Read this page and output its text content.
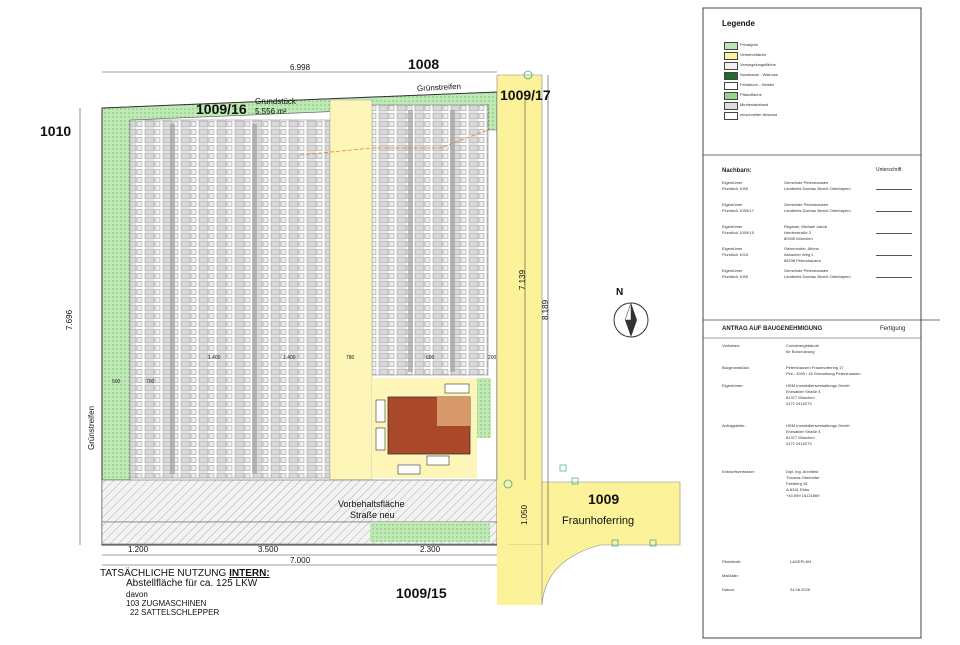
1009/16 Grundstück
5.556 m²
1008
1009/17
1010
1009
Fraunhoferring
1009/15
Grünstreifen
Grünstreifen
Vorbehaltsfläche
Straße neu
N
6.998
7.696
7.139
8.189
1.200	3.500	2.300
7.000
1.050
1.400	1.400	780	600	200
500	700
TATSÄCHLICHE NUTZUNG INTERN:
Abstellfläche für ca. 125 LKW
davon
103 ZUGMASCHINEN
22 SATTELSCHLEPPER
Legende
Privatgrün
Verkehrsfläche
Versiegelungsfläche
Nussbaum - Walnuss
Feldahorn - Heister
Pflanzfläche
Mindestabstand
einschneiter Abstand
Nachbarn:	Unterschrift
Eigentümer
Flurstück 1009
Gemeinde Petershausen
Landkreis Dachau Bezirk Oberbayern
Eigentümer
Flurstück 1009/17
Gemeinde Petershausen
Landkreis Dachau Bezirk Oberbayern
Eigentümer
Flurstück 1009/15
Regauer, Michael Jakob
Herderstraße 3
80935 München
Eigentümer
Flurstück 1010
Geisenhofer, Alfons
Asbacher Weg 1
85238 Petershausen
Eigentümer
Flurstück 1009
Gemeinde Petershausen
Landkreis Dachau Bezirk Oberbayern
ANTRAG AUF BAUGENEHMIGUNG	Fertigung
Vorhaben:	Containergebäude
für Büronutzung
Baugrundstück:	Petershausen Fraunhoferring 17
Flnr.: 1009 / 16 Gemarkung Petershausen
Eigentümer:	HDM Immobilienverwaltungs GmbH
Ehrwalder Straße 4
81377 München
0172 2419273
Antragsteller:	HDM Immobilienverwaltungs GmbH
Ehrwalder Straße 4
81377 München
0172 2419273
Entwurfsverfasser:	Dipl. Ing. Architekt
Thomas Oberhofer
Feldberg 18
A-6341 Ebbs
+43 699 16121869
Planinhalt:	LAGEPLAN
Maßstab:
Datum:	24.08.2025
